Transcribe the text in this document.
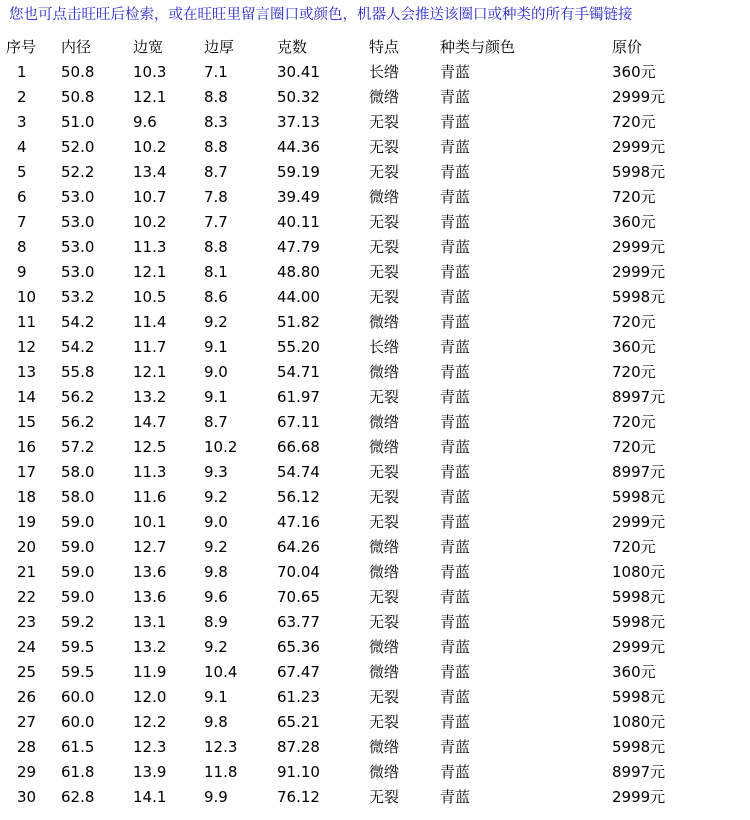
您也可点击旺旺后检索，或在旺旺里留言圈口或颜色，机器人会推送该圈口或种类的所有手镯链接
序号	内径	边宽	边厚	克数	特点	种类与颜色	原价
1	50.8	10.3	7.1	30.41	长绺	青蓝	360元
2	50.8	12.1	8.8	50.32	微绺	青蓝	2999元
3	51.0	9.6	8.3	37.13	无裂	青蓝	720元
4	52.0	10.2	8.8	44.36	无裂	青蓝	2999元
5	52.2	13.4	8.7	59.19	无裂	青蓝	5998元
6	53.0	10.7	7.8	39.49	微绺	青蓝	720元
7	53.0	10.2	7.7	40.11	无裂	青蓝	360元
8	53.0	11.3	8.8	47.79	无裂	青蓝	2999元
9	53.0	12.1	8.1	48.80	无裂	青蓝	2999元
10	53.2	10.5	8.6	44.00	无裂	青蓝	5998元
11	54.2	11.4	9.2	51.82	微绺	青蓝	720元
12	54.2	11.7	9.1	55.20	长绺	青蓝	360元
13	55.8	12.1	9.0	54.71	微绺	青蓝	720元
14	56.2	13.2	9.1	61.97	无裂	青蓝	8997元
15	56.2	14.7	8.7	67.11	微绺	青蓝	720元
16	57.2	12.5	10.2	66.68	微绺	青蓝	720元
17	58.0	11.3	9.3	54.74	无裂	青蓝	8997元
18	58.0	11.6	9.2	56.12	无裂	青蓝	5998元
19	59.0	10.1	9.0	47.16	无裂	青蓝	2999元
20	59.0	12.7	9.2	64.26	微绺	青蓝	720元
21	59.0	13.6	9.8	70.04	微绺	青蓝	1080元
22	59.0	13.6	9.6	70.65	无裂	青蓝	5998元
23	59.2	13.1	8.9	63.77	无裂	青蓝	5998元
24	59.5	13.2	9.2	65.36	微绺	青蓝	2999元
25	59.5	11.9	10.4	67.47	微绺	青蓝	360元
26	60.0	12.0	9.1	61.23	无裂	青蓝	5998元
27	60.0	12.2	9.8	65.21	无裂	青蓝	1080元
28	61.5	12.3	12.3	87.28	微绺	青蓝	5998元
29	61.8	13.9	11.8	91.10	微绺	青蓝	8997元
30	62.8	14.1	9.9	76.12	无裂	青蓝	2999元
